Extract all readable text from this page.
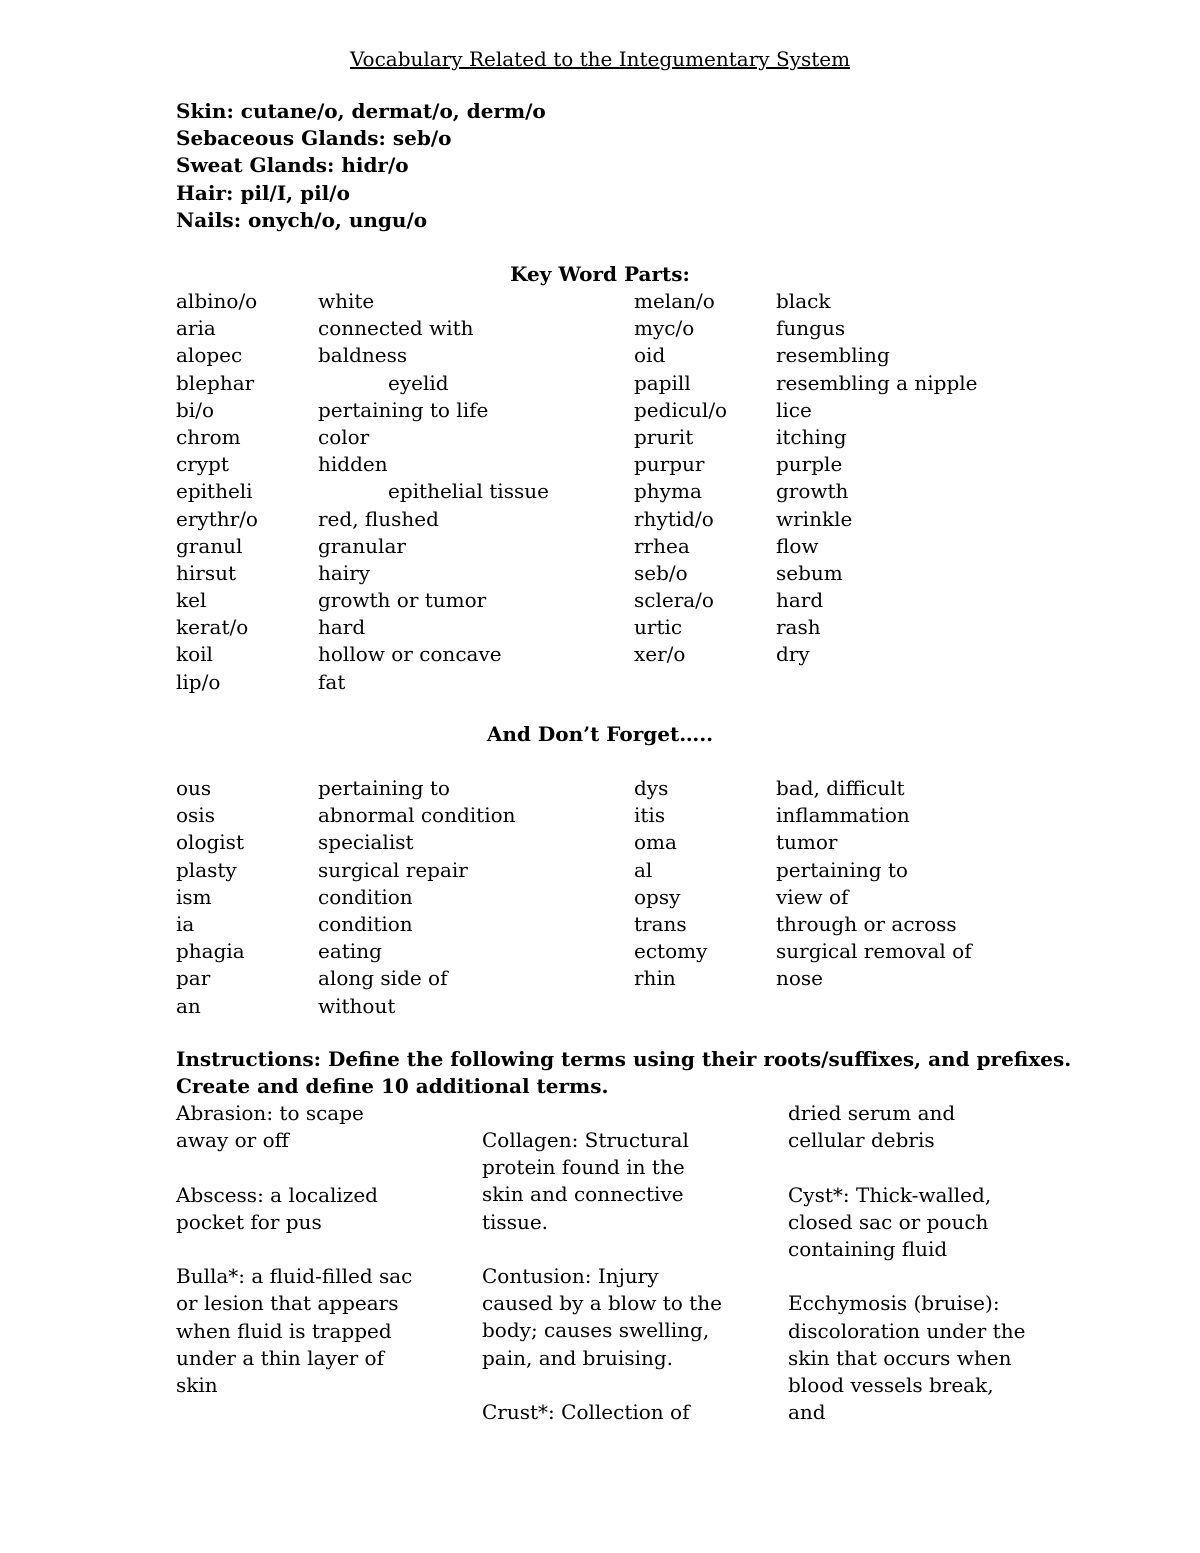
Vocabulary Related to the Integumentary System
Skin: cutane/o, dermat/o, derm/o
Sebaceous Glands: seb/o
Sweat Glands: hidr/o
Hair: pil/I, pil/o
Nails: onych/o, ungu/o
Key Word Parts:
albino/o	white	melan/o	black
aria	connected with	myc/o	fungus
alopec	baldness	oid	resembling
blephar	eyelid	papill	resembling a nipple
bi/o	pertaining to life	pedicul/o lice
chrom	color	prurit	itching
crypt	hidden	purpur	purple
epitheli	epithelial tissue	phyma	growth
erythr/o	red, flushed	rhytid/o	wrinkle
granul	granular	rrhea	flow
hirsut	hairy	seb/o	sebum
kel	growth or tumor	sclera/o	hard
kerat/o	hard	urtic	rash
koil	hollow or concave	xer/o	dry
lip/o	fat
And Don’t Forget…..
ous	pertaining to	dys	bad, difficult
osis	abnormal condition	itis	inflammation
ologist	specialist	oma	tumor
plasty	surgical repair	al	pertaining to
ism	condition	opsy	view of
ia	condition	trans	through or across
phagia	eating	ectomy	surgical removal of
par	along side of	rhin	nose
an	without
Instructions: Define the following terms using their roots/suffixes, and prefixes.
Create and define 10 additional terms.

Abrasion: to scape away or off

Abscess: a localized pocket for pus

Bulla*: a fluid-filled sac or lesion that appears when fluid is trapped under a thin layer of skin

Collagen: Structural protein found in the skin and connective tissue.

Contusion: Injury caused by a blow to the body; causes swelling, pain, and bruising.

Crust*: Collection of

dried serum and cellular debris

Cyst*: Thick-walled, closed sac or pouch containing fluid

Ecchymosis (bruise): discoloration under the skin that occurs when blood vessels break, and
